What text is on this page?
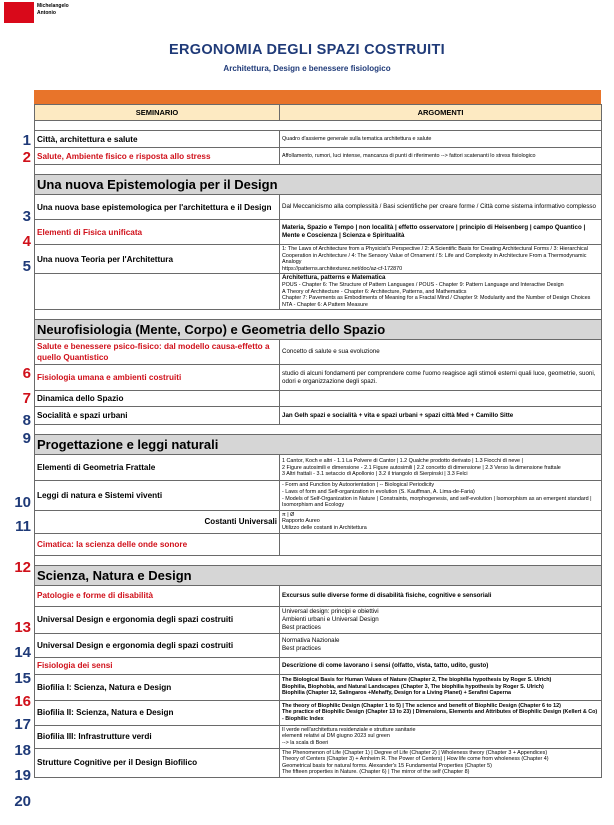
Michelangelo
Antonio
ERGONOMIA DEGLI SPAZI COSTRUITI
Architettura, Design e benessere fisiologico
SEMINARIO	ARGOMENTI

Città, architettura e salute	Quadro d'assieme generale sulla tematica architettura e salute
Salute, Ambiente fisico e risposta allo stress	Affollamento, rumori, luci intense, mancanza di punti di riferimento --> fattori scatenanti lo stress fisiologico

Una nuova Epistemologia per il Design	
Una nuova base epistemologica per l'architettura e il Design	Dal Meccanicismo alla complessità / Basi scientifiche per creare forme / Città come sistema informativo complesso
Elementi di Fisica unificata	Materia, Spazio e Tempo | non località | effetto osservatore | principio di Heisenberg | campo Quantico | Mente e Coscienza | Scienza e Spiritualità
Una nuova Teoria per l'Architettura	1: The Laws of Architecture from a Physicist's Perspective / 2: A Scientific Basis for Creating Architectural Forms / 3: Hierarchical Cooperation in Architecture / 4: The Sensory Value of Ornament / 5: Life and Complexity in Architecture From a Thermodynamic Analogy
https://patterns.architexturez.net/doc/az-cf-172870
	Architettura, patterns e Matematica
POUS - Chapter 6: The Structure of Pattern Languages / POUS - Chapter 9: Pattern Language and Interactive Design
A Theory of Architecture - Chapter 6: Architecture, Patterns, and Mathematics
Chapter 7: Pavements as Embodiments of Meaning for a Fractal Mind / Chapter 9: Modularity and the Number of Design Choices
NTA - Chapter 6: A Pattern Measure

Neurofisiologia (Mente, Corpo) e Geometria dello Spazio	
Salute e benessere psico-fisico: dal modello causa-effetto a quello Quantistico	Concetto di salute e sua evoluzione
Fisiologia umana e ambienti costruiti	studio di alcuni fondamenti per comprendere come l'uomo reagisce agli stimoli esterni quali luce, geometrie, suoni, odori e organizzazione degli spazi.
Dinamica dello Spazio	
Socialità e spazi urbani	Jan Gelh spazi e socialità + vita e spazi urbani + spazi città Med + Camillo Sitte

Progettazione e leggi naturali	
Elementi di Geometria Frattale	1 Cantor, Koch e altri - 1.1 La Polvere di Cantor | 1.2 Qualche prodotto derivato | 1.3 Fiocchi di neve |
2 Figure autosimili e dimensione - 2.1 Figure autosimili | 2.2 concetto di dimensione | 2.3 Verso la dimensione frattale
3 Altri frattali - 3.1 setaccio di Apollonio | 3.2 il triangolo di Sierpinski | 3.3 Felci
Leggi di natura e Sistemi viventi	- Form and Function by Autoorientation | -- Biological Periodicity
- Laws of form and Self-organization in evolution (S. Kauffman, A. Lima-de-Faria)
- Models of Self-Organization in Nature | Constraints, morphogenesis, and self-evolution | Isomorphism as an emergent standard | Isomorphism and Ecology

Costanti Universali	π | Ø
Rapporto Aureo
Utilizzo delle costanti in Architettura
Cimatica: la scienza delle onde sonore	

Scienza, Natura e Design	
Patologie e forme di disabilità	Excursus sulle diverse forme di disabilità fisiche, cognitive e sensoriali
Universal Design e ergonomia degli spazi costruiti	Universal design: principi e obiettivi
Ambienti urbani e Universal Design
Best practices
Universal Design e ergonomia degli spazi costruiti	Normativa Nazionale
Best practices
Fisiologia dei sensi	Descrizione di come lavorano i sensi (olfatto, vista, tatto, udito, gusto)
Biofilia I: Scienza, Natura e Design	The Biological Basis for Human Values of Nature (Chapter 2, The biophilia hypothesis by Roger S. Ulrich)
Biophilia, Biophobia, and Natural Landscapes (Chapter 3, The biophilia hypothesis by Roger S. Ulrich)
Biophilia (Chapter 12, Salingaros +Mehaffy, Design for a Living Planet) + Serafini Caperna
Biofilia II: Scienza, Natura e Design	The theory of Biophilic Design (Chapter 1 to 5) | The science and benefit of Biophilic Design (Chapter 6 to 12)
The practice of Biophilic Design (Chapter 13 to 23) | Dimensions, Elements and Attributes of Biophilic Design (Kellert & Co)
- Biophilic Index
Biofilia III: Infrastrutture verdi	Il verde nell'architettura residenziale e strutture sanitarie
elementi relativi al DM giugno 2023 sul green
--> la scala di Boeri
Strutture Cognitive per il Design Biofilico	The Phenomenon of Life (Chapter 1) | Degree of Life (Chapter 2) | Wholeness theory (Chapter 3 + Appendices)
Theory of Centers (Chapter 3) + Arnheim R. The Power of Centers) | How life come from wholeness (Chapter 4)
Geometrical basis for natural forms. Alexander's 15 Fundamental Properties (Chapter 5)
The fifteen properties in Nature. (Chapter 6) | The mirror of the self (Chapter 8)
1
2
3
4
5
6
7
8
9
10
11
12
13
14
15
16
17
18
19
20
